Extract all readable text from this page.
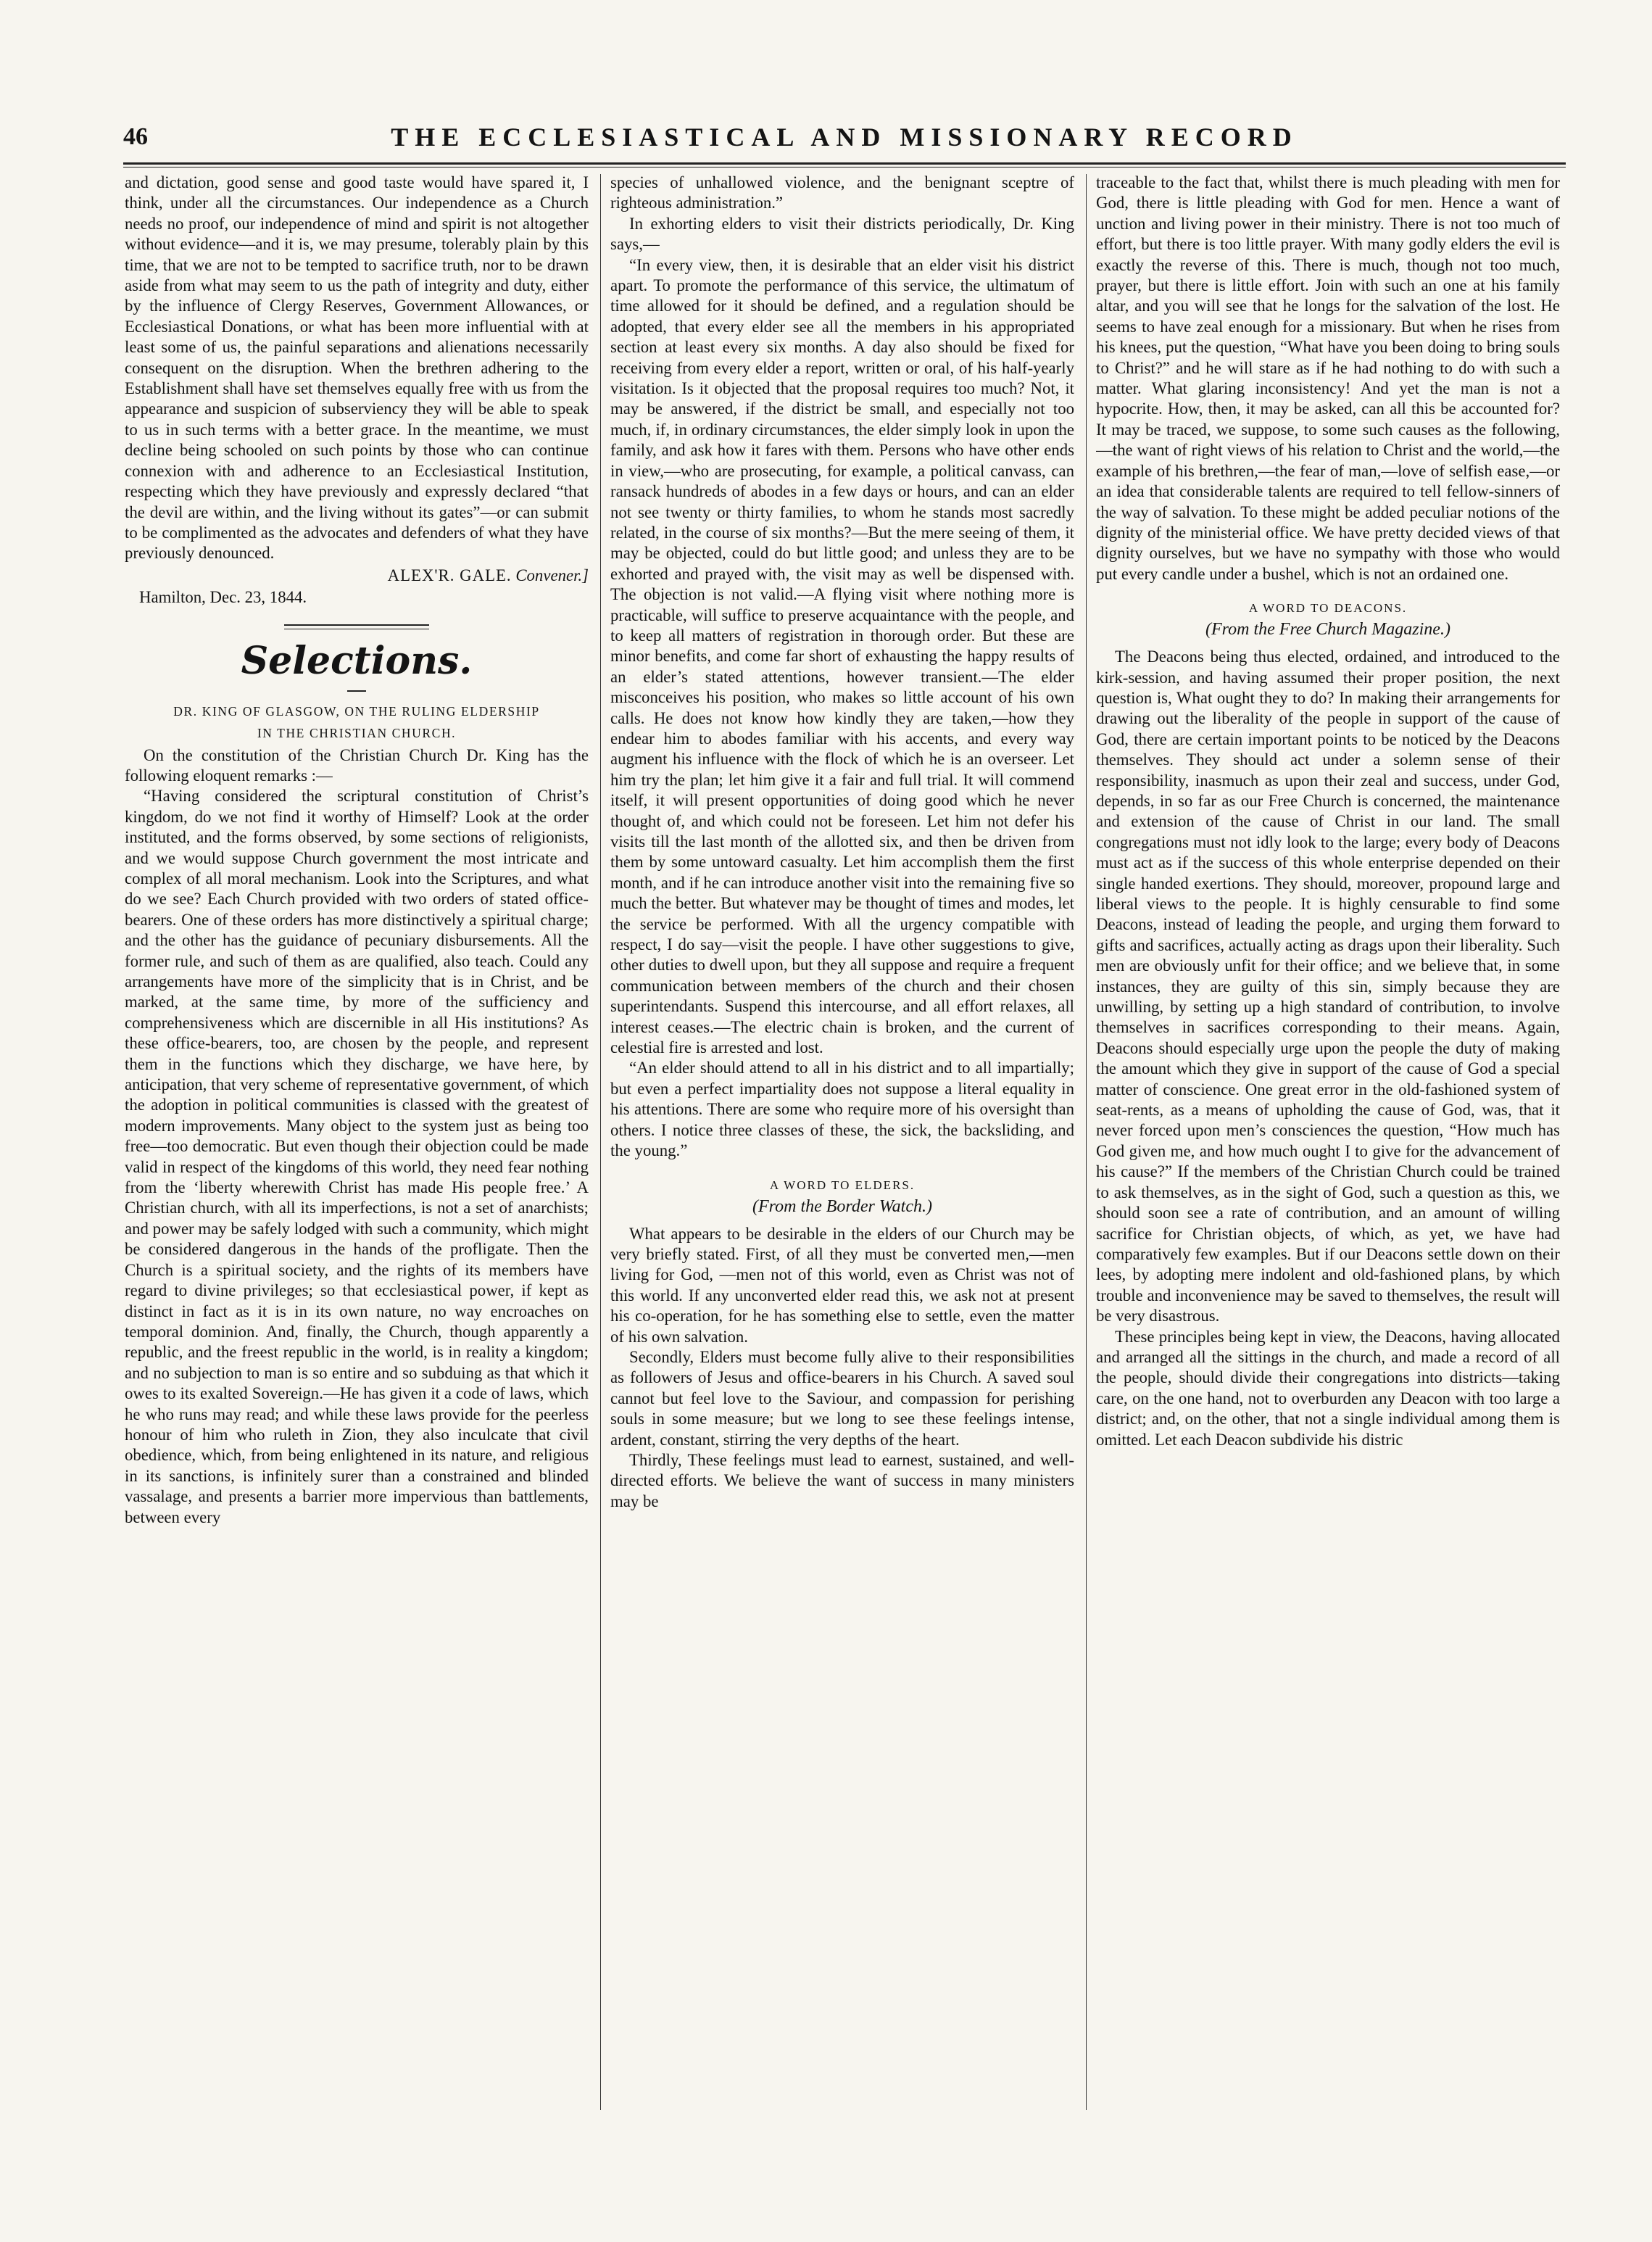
46	THE ECCLESIASTICAL AND MISSIONARY RECORD

and dictation, good sense and good taste would have spared it, I think, under all the circumstances. Our independence as a Church needs no proof, our independence of mind and spirit is not altogether without evidence—and it is, we may presume, tolerably plain by this time, that we are not to be tempted to sacrifice truth, nor to be drawn aside from what may seem to us the path of integrity and duty, either by the influence of Clergy Reserves, Government Allowances, or Ecclesiastical Donations, or what has been more influential with at least some of us, the painful separations and alienations necessarily consequent on the disruption. When the brethren adhering to the Establishment shall have set themselves equally free with us from the appearance and suspicion of subserviency they will be able to speak to us in such terms with a better grace. In the meantime, we must decline being schooled on such points by those who can continue connexion with and adherence to an Ecclesiastical Institution, respecting which they have previously and expressly declared “that the devil are within, and the living without its gates”—or can submit to be complimented as the advocates and defenders of what they have previously denounced.

ALEX'R. GALE. Convener.]
Hamilton, Dec. 23, 1844.
Selections.
DR. KING OF GLASGOW, ON THE RULING ELDERSHIP
IN THE CHRISTIAN CHURCH.

On the constitution of the Christian Church Dr. King has the following eloquent remarks :—

“Having considered the scriptural constitution of Christ’s kingdom, do we not find it worthy of Himself? Look at the order instituted, and the forms observed, by some sections of religionists, and we would suppose Church government the most intricate and complex of all moral mechanism. Look into the Scriptures, and what do we see? Each Church provided with two orders of stated office-bearers. One of these orders has more distinctively a spiritual charge; and the other has the guidance of pecuniary disbursements. All the former rule, and such of them as are qualified, also teach. Could any arrangements have more of the simplicity that is in Christ, and be marked, at the same time, by more of the sufficiency and comprehensiveness which are discernible in all His institutions? As these office-bearers, too, are chosen by the people, and represent them in the functions which they discharge, we have here, by anticipation, that very scheme of representative government, of which the adoption in political communities is classed with the greatest of modern improvements. Many object to the system just as being too free—too democratic. But even though their objection could be made valid in respect of the kingdoms of this world, they need fear nothing from the ‘liberty wherewith Christ has made His people free.’ A Christian church, with all its imperfections, is not a set of anarchists; and power may be safely lodged with such a community, which might be considered dangerous in the hands of the profligate. Then the Church is a spiritual society, and the rights of its members have regard to divine privileges; so that ecclesiastical power, if kept as distinct in fact as it is in its own nature, no way encroaches on temporal dominion. And, finally, the Church, though apparently a republic, and the freest republic in the world, is in reality a kingdom; and no subjection to man is so entire and so subduing as that which it owes to its exalted Sovereign.—He has given it a code of laws, which he who runs may read; and while these laws provide for the peerless honour of him who ruleth in Zion, they also inculcate that civil obedience, which, from being enlightened in its nature, and religious in its sanctions, is infinitely surer than a constrained and blinded vassalage, and presents a barrier more impervious than battlements, between every

species of unhallowed violence, and the benignant sceptre of righteous administration.”

In exhorting elders to visit their districts periodically, Dr. King says,—

“In every view, then, it is desirable that an elder visit his district apart. To promote the performance of this service, the ultimatum of time allowed for it should be defined, and a regulation should be adopted, that every elder see all the members in his appropriated section at least every six months. A day also should be fixed for receiving from every elder a report, written or oral, of his half-yearly visitation. Is it objected that the proposal requires too much? Not, it may be answered, if the district be small, and especially not too much, if, in ordinary circumstances, the elder simply look in upon the family, and ask how it fares with them. Persons who have other ends in view,—who are prosecuting, for example, a political canvass, can ransack hundreds of abodes in a few days or hours, and can an elder not see twenty or thirty families, to whom he stands most sacredly related, in the course of six months?—But the mere seeing of them, it may be objected, could do but little good; and unless they are to be exhorted and prayed with, the visit may as well be dispensed with. The objection is not valid.—A flying visit where nothing more is practicable, will suffice to preserve acquaintance with the people, and to keep all matters of registration in thorough order. But these are minor benefits, and come far short of exhausting the happy results of an elder’s stated attentions, however transient.—The elder misconceives his position, who makes so little account of his own calls. He does not know how kindly they are taken,—how they endear him to abodes familiar with his accents, and every way augment his influence with the flock of which he is an overseer. Let him try the plan; let him give it a fair and full trial. It will commend itself, it will present opportunities of doing good which he never thought of, and which could not be foreseen. Let him not defer his visits till the last month of the allotted six, and then be driven from them by some untoward casualty. Let him accomplish them the first month, and if he can introduce another visit into the remaining five so much the better. But whatever may be thought of times and modes, let the service be performed. With all the urgency compatible with respect, I do say—visit the people. I have other suggestions to give, other duties to dwell upon, but they all suppose and require a frequent communication between members of the church and their chosen superintendants. Suspend this intercourse, and all effort relaxes, all interest ceases.—The electric chain is broken, and the current of celestial fire is arrested and lost.

“An elder should attend to all in his district and to all impartially; but even a perfect impartiality does not suppose a literal equality in his attentions. There are some who require more of his oversight than others. I notice three classes of these, the sick, the backsliding, and the young.”

A WORD TO ELDERS.
(From the Border Watch.)

What appears to be desirable in the elders of our Church may be very briefly stated. First, of all they must be converted men,—men living for God, —men not of this world, even as Christ was not of this world. If any unconverted elder read this, we ask not at present his co-operation, for he has something else to settle, even the matter of his own salvation.

Secondly, Elders must become fully alive to their responsibilities as followers of Jesus and office-bearers in his Church. A saved soul cannot but feel love to the Saviour, and compassion for perishing souls in some measure; but we long to see these feelings intense, ardent, constant, stirring the very depths of the heart.

Thirdly, These feelings must lead to earnest, sustained, and well-directed efforts. We believe the want of success in many ministers may be

traceable to the fact that, whilst there is much pleading with men for God, there is little pleading with God for men. Hence a want of unction and living power in their ministry. There is not too much of effort, but there is too little prayer. With many godly elders the evil is exactly the reverse of this. There is much, though not too much, prayer, but there is little effort. Join with such an one at his family altar, and you will see that he longs for the salvation of the lost. He seems to have zeal enough for a missionary. But when he rises from his knees, put the question, “What have you been doing to bring souls to Christ?” and he will stare as if he had nothing to do with such a matter. What glaring inconsistency! And yet the man is not a hypocrite. How, then, it may be asked, can all this be accounted for? It may be traced, we suppose, to some such causes as the following,—the want of right views of his relation to Christ and the world,—the example of his brethren,—the fear of man,—love of selfish ease,—or an idea that considerable talents are required to tell fellow-sinners of the way of salvation. To these might be added peculiar notions of the dignity of the ministerial office. We have pretty decided views of that dignity ourselves, but we have no sympathy with those who would put every candle under a bushel, which is not an ordained one.

A WORD TO DEACONS.
(From the Free Church Magazine.)

The Deacons being thus elected, ordained, and introduced to the kirk-session, and having assumed their proper position, the next question is, What ought they to do? In making their arrangements for drawing out the liberality of the people in support of the cause of God, there are certain important points to be noticed by the Deacons themselves. They should act under a solemn sense of their responsibility, inasmuch as upon their zeal and success, under God, depends, in so far as our Free Church is concerned, the maintenance and extension of the cause of Christ in our land. The small congregations must not idly look to the large; every body of Deacons must act as if the success of this whole enterprise depended on their single handed exertions. They should, moreover, propound large and liberal views to the people. It is highly censurable to find some Deacons, instead of leading the people, and urging them forward to gifts and sacrifices, actually acting as drags upon their liberality. Such men are obviously unfit for their office; and we believe that, in some instances, they are guilty of this sin, simply because they are unwilling, by setting up a high standard of contribution, to involve themselves in sacrifices corresponding to their means. Again, Deacons should especially urge upon the people the duty of making the amount which they give in support of the cause of God a special matter of conscience. One great error in the old-fashioned system of seat-rents, as a means of upholding the cause of God, was, that it never forced upon men’s consciences the question, “How much has God given me, and how much ought I to give for the advancement of his cause?” If the members of the Christian Church could be trained to ask themselves, as in the sight of God, such a question as this, we should soon see a rate of contribution, and an amount of willing sacrifice for Christian objects, of which, as yet, we have had comparatively few examples. But if our Deacons settle down on their lees, by adopting mere indolent and old-fashioned plans, by which trouble and inconvenience may be saved to themselves, the result will be very disastrous.

These principles being kept in view, the Deacons, having allocated and arranged all the sittings in the church, and made a record of all the people, should divide their congregations into districts—taking care, on the one hand, not to overburden any Deacon with too large a district; and, on the other, that not a single individual among them is omitted. Let each Deacon subdivide his distric
